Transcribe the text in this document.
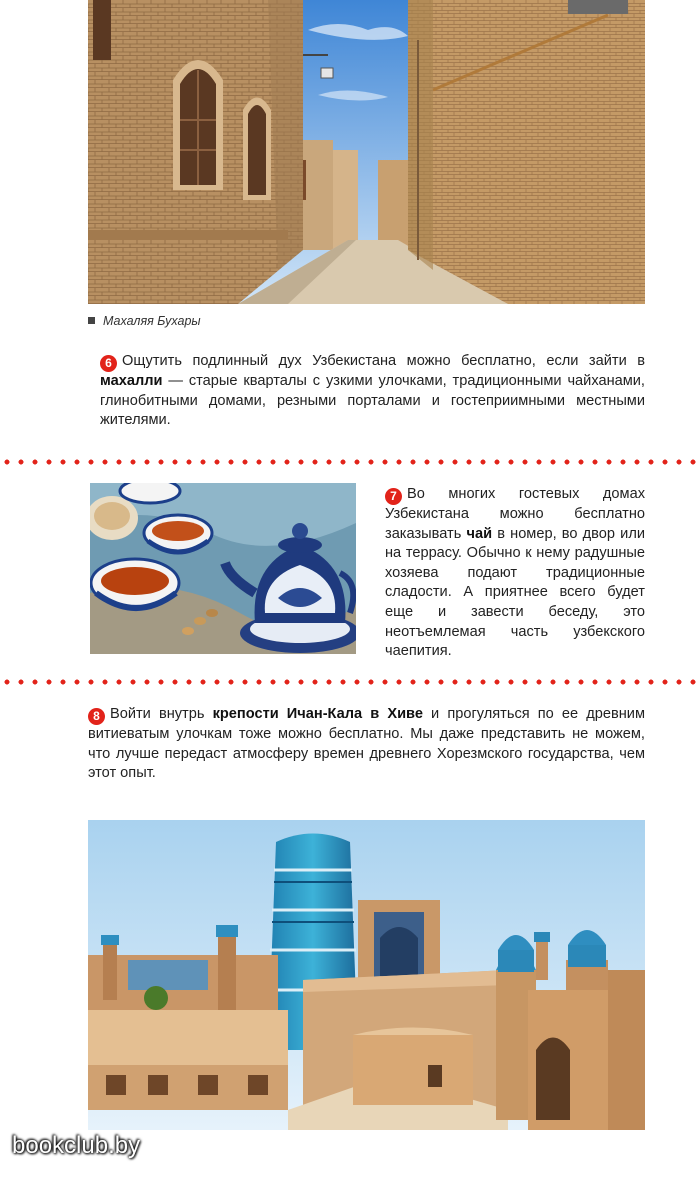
Махаляя Бухары
6 Ощутить подлинный дух Узбекистана можно бесплатно, если зайти в махалли — старые кварталы с узкими улочками, традиционными чайханами, глинобитными домами, резными порталами и гостеприимными местными жителями.
7 Во многих гостевых домах Узбекистана можно бесплатно заказывать чай в номер, во двор или на террасу. Обычно к нему радушные хозяева подают традиционные сладости. А приятнее всего будет еще и завести беседу, это неотъемлемая часть узбекского чаепития.
8 Войти внутрь крепости Ичан-Кала в Хиве и прогуляться по ее древним витиеватым улочкам тоже можно бесплатно. Мы даже представить не можем, что лучше передаст атмосферу времен древнего Хорезмского государства, чем этот опыт.
bookclub.by
